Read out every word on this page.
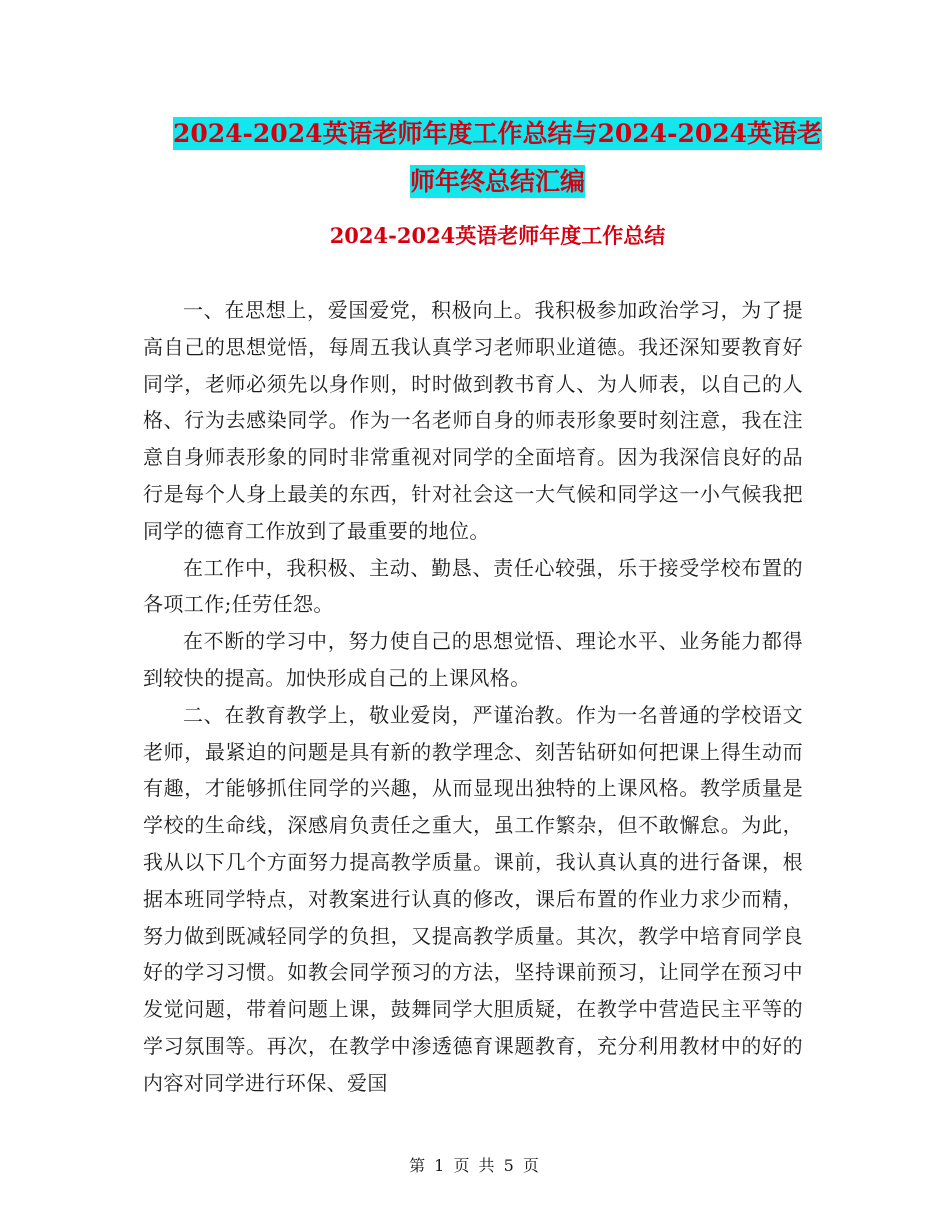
2024-2024英语老师年度工作总结与2024-2024英语老
师年终总结汇编
2024-2024英语老师年度工作总结

一、在思想上，爱国爱党，积极向上。我积极参加政治学习，为了提高自己的思想觉悟，每周五我认真学习老师职业道德。我还深知要教育好同学，老师必须先以身作则，时时做到教书育人、为人师表，以自己的人格、行为去感染同学。作为一名老师自身的师表形象要时刻注意，我在注意自身师表形象的同时非常重视对同学的全面培育。因为我深信良好的品行是每个人身上最美的东西，针对社会这一大气候和同学这一小气候我把同学的德育工作放到了最重要的地位。

在工作中，我积极、主动、勤恳、责任心较强，乐于接受学校布置的各项工作;任劳任怨。

在不断的学习中，努力使自己的思想觉悟、理论水平、业务能力都得到较快的提高。加快形成自己的上课风格。

二、在教育教学上，敬业爱岗，严谨治教。作为一名普通的学校语文老师，最紧迫的问题是具有新的教学理念、刻苦钻研如何把课上得生动而有趣，才能够抓住同学的兴趣，从而显现出独特的上课风格。教学质量是学校的生命线，深感肩负责任之重大，虽工作繁杂，但不敢懈怠。为此，我从以下几个方面努力提高教学质量。课前，我认真认真的进行备课，根据本班同学特点，对教案进行认真的修改，课后布置的作业力求少而精，努力做到既减轻同学的负担，又提高教学质量。其次，教学中培育同学良好的学习习惯。如教会同学预习的方法，坚持课前预习，让同学在预习中发觉问题，带着问题上课，鼓舞同学大胆质疑，在教学中营造民主平等的学习氛围等。再次，在教学中渗透德育课题教育，充分利用教材中的好的内容对同学进行环保、爱国

第 1 页 共 5 页
